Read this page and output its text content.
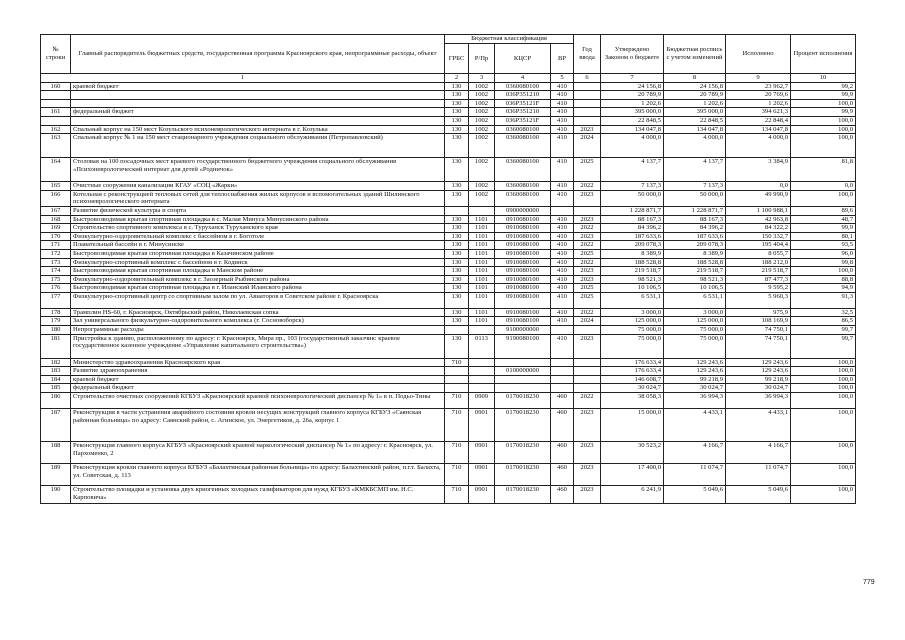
№ строки	Главный распорядитель бюджетных средств, государственная программа Красноярского края, непрограммные расходы, объект	Бюджетная классификация				Год ввода	Утверждено Законом о бюджете	Бюджетная роспись с учетом изменений	Исполнено	Процент исполнения
		ГРБС	Р/Пр	КЦСР	ВР					
1		2	3	4	5	6	7	8	9	10
160	краевой бюджет	130	1002	0360080100	410		24 156,8	24 156,8	23 962,7	99,2
		130	1002	036P351210	410		20 789,9	20 789,9	20 769,6	99,9
		130	1002	036P35121F	410		1 202,6	1 202,6	1 202,6	100,0
161	федеральный бюджет	130	1002	036P351210	410		395 000,0	395 000,0	394 621,3	99,9
		130	1002	036P35121F	410		22 848,5	22 848,5	22 848,4	100,0
162	Спальный корпус на 150 мест Козульского психоневрологического интерната в г. Козулька	130	1002	0360080100	410	2023	134 047,8	134 047,8	134 047,8	100,0
163	Спальный корпус № 1 на 150 мест стационарного учреждения социального обслуживания (Петропавловский)	130	1002	0360080100	410	2024	4 000,0	4 000,0	4 000,0	100,0
164	Столовая на 100 посадочных мест краевого государственного бюджетного учреждения социального обслуживания «Психоневрологический интернат для детей «Родничок»	130	1002	0360080100	410	2025	4 137,7	4 137,7	3 384,9	81,8
165	Очистные сооружения канализации КГАУ «СОЦ «Жарки»	130	1002	0360080100	410	2022	7 137,3	7 137,3	0,0	0,0
166	Котельная с реконструкцией тепловых сетей для теплоснабжения жилых корпусов и вспомогательных зданий Шилинского психоневрологического интерната	130	1002	0360080100	410	2023	50 000,0	50 000,0	49 990,9	100,0
167	Развитие физической культуры и спорта			0900000000			1 228 871,7	1 228 871,7	1 100 988,1	89,6
168	Быстровозводимая крытая спортивная площадка в с. Малая Минуса Минусинского района	130	1101	0910080100	410	2023	88 167,3	88 167,3	42 963,8	48,7
169	Строительство спортивного комплекса в с. Туруханск Туруханского края	130	1101	0910080100	410	2022	84 396,2	84 396,2	84 322,2	99,9
170	Физкультурно-оздоровительный комплекс с бассейном в г. Боготоле	130	1101	0910080100	410	2023	187 633,6	187 633,6	150 332,7	80,1
171	Плавательный бассейн в г. Минусинске	130	1101	0910080100	410	2022	209 078,3	209 078,3	195 404,4	93,5
172	Быстровозводимая крытая спортивная площадка в Казачинском районе	130	1101	0910080100	410	2025	8 389,9	8 389,9	8 055,7	96,0
173	Физкультурно-спортивный комплекс с бассейном в г. Кодинск	130	1101	0910080100	410	2022	188 528,8	188 528,8	188 212,0	99,8
174	Быстровозводимая крытая спортивная площадка в Манском районе	130	1101	0910080100	410	2023	219 518,7	219 518,7	219 518,7	100,0
175	Физкультурно-оздоровительный комплекс в г. Заозерный Рыбинского района	130	1101	0910080100	410	2023	98 521,3	98 521,3	87 477,3	88,8
176	Быстровозводимая крытая спортивная площадка в г. Иланский Иланского района	130	1101	0910080100	410	2025	10 106,5	10 106,5	9 595,2	94,9
177	Физкультурно-спортивный центр со спортивным залом по ул. Авиаторов в Советском районе г. Красноярска	130	1101	0910080100	410	2025	6 531,1	6 531,1	5 960,3	91,3
178	Трамплин HS-60, г. Красноярск, Октябрьский район, Николаевская сопка	130	1101	0910080100	410	2022	3 000,0	3 000,0	975,9	32,5
179	Зал универсального физкультурно-оздоровительного комплекса (г. Сосновоборск)	130	1101	0910080100	410	2024	125 000,0	125 000,0	108 169,9	86,5
180	Непрограммные расходы			9100000000			75 000,0	75 000,0	74 750,1	99,7
181	Пристройка к зданию, расположенному по адресу: г. Красноярск, Мира пр., 103 (государственный заказчик: краевое государственное казенное учреждение «Управление капитального строительства»)	130	0113	9190080100	410	2023	75 000,0	75 000,0	74 750,1	99,7
182	Министерство здравоохранения Красноярского края	710					176 633,4	129 243,6	129 243,6	100,0
183	Развитие здравоохранения			0100000000			176 633,4	129 243,6	129 243,6	100,0
184	краевой бюджет						146 608,7	99 218,9	99 218,9	100,0
185	федеральный бюджет						30 024,7	30 024,7	30 024,7	100,0
186	Строительство очистных сооружений КГБУЗ «Красноярский краевой психоневрологический диспансер № 1» в п. Подьо-Тины	710	0909	0170018230	460	2022	38 058,3	36 994,3	36 994,3	100,0
187	Реконструкция в части устранения аварийного состояния кровли несущих конструкций главного корпуса КГБУЗ «Саянская районная больница» по адресу: Саянский район, с. Агинское, ул. Энергетиков, д. 26а, корпус 1	710	0901	0170018230	460	2023	15 000,0	4 433,1	4 433,1	100,0
188	Реконструкция главного корпуса КГБУЗ «Красноярский краевой наркологический диспансер № 1» по адресу: г. Красноярск, ул. Пархоменко, 2	710	0901	0170018230	460	2023	30 523,2	4 166,7	4 166,7	100,0
189	Реконструкция кровли главного корпуса КГБУЗ «Балахтинская районная больница» по адресу: Балахтинский район, п.г.т. Балахта, ул. Советская, д. 113	710	0901	0170018230	460	2023	17 400,0	11 074,7	11 074,7	100,0
190	Строительство площадки и установка двух криогенных холодных газификаторов для нужд КГБУЗ «КМКБСМП им. Н.С. Карповича»	710	0901	0170018230	460	2023	6 241,9	5 049,6	5 049,6	100,0
779
